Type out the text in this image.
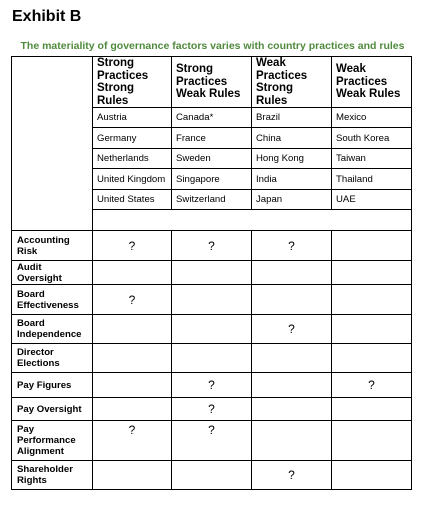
Exhibit B
The materiality of governance factors varies with country practices and rules
	Strong Practices Strong Rules	Strong Practices Weak Rules	Weak Practices Strong Rules	Weak Practices Weak Rules
	Austria	Canada*	Brazil	Mexico
	Germany	France	China	South Korea
	Netherlands	Sweden	Hong Kong	Taiwan
	United Kingdom	Singapore	India	Thailand
	United States	Switzerland	Japan	UAE

Accounting Risk	?	?	?	
Audit Oversight				
Board Effectiveness	?			
Board Independence			?	
Director Elections				
Pay Figures		?		?
Pay Oversight		?		
Pay Performance Alignment	?	?		
Shareholder Rights			?	
